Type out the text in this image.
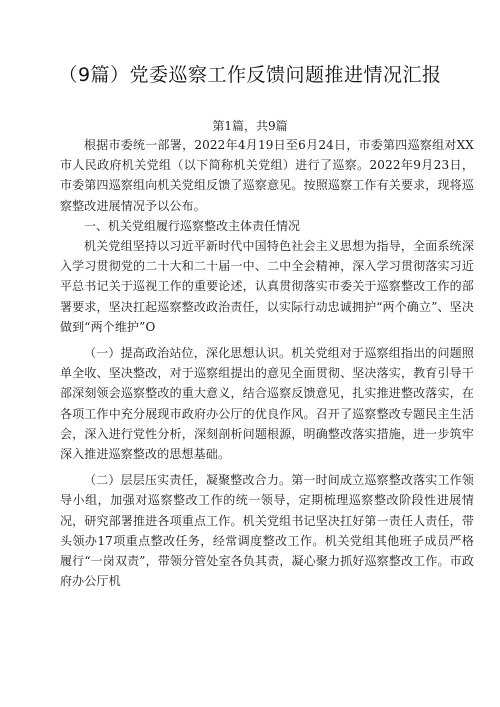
（9篇）党委巡察工作反馈问题推进情况汇报

第1篇，共9篇

根据市委统一部署，2022年4月19日至6月24日，市委第四巡察组对XX市人民政府机关党组（以下简称机关党组）进行了巡察。2022年9月23日，市委第四巡察组向机关党组反馈了巡察意见。按照巡察工作有关要求，现将巡察整改进展情况予以公布。

一、机关党组履行巡察整改主体责任情况

机关党组坚持以习近平新时代中国特色社会主义思想为指导，全面系统深入学习贯彻党的二十大和二十届一中、二中全会精神，深入学习贯彻落实习近平总书记关于巡视工作的重要论述，认真贯彻落实市委关于巡察整改工作的部署要求，坚决扛起巡察整改政治责任，以实际行动忠诚拥护“两个确立”、坚决做到“两个维护”O

（一）提高政治站位，深化思想认识。机关党组对于巡察组指出的问题照单全收、坚决整改，对于巡察组提出的意见全面贯彻、坚决落实，教育引导干部深刻领会巡察整改的重大意义，结合巡察反馈意见，扎实推进整改落实，在各项工作中充分展现市政府办公厅的优良作风。召开了巡察整改专题民主生活会，深入进行党性分析，深刻剖析问题根源，明确整改落实措施，进一步筑牢深入推进巡察整改的思想基础。

（二）层层压实责任，凝聚整改合力。第一时间成立巡察整改落实工作领导小组，加强对巡察整改工作的统一领导，定期梳理巡察整改阶段性进展情况，研究部署推进各项重点工作。机关党组书记坚决扛好第一责任人责任，带头领办17项重点整改任务，经常调度整改工作。机关党组其他班子成员严格履行“一岗双责”，带领分管处室各负其责，凝心聚力抓好巡察整改工作。市政府办公厅机
